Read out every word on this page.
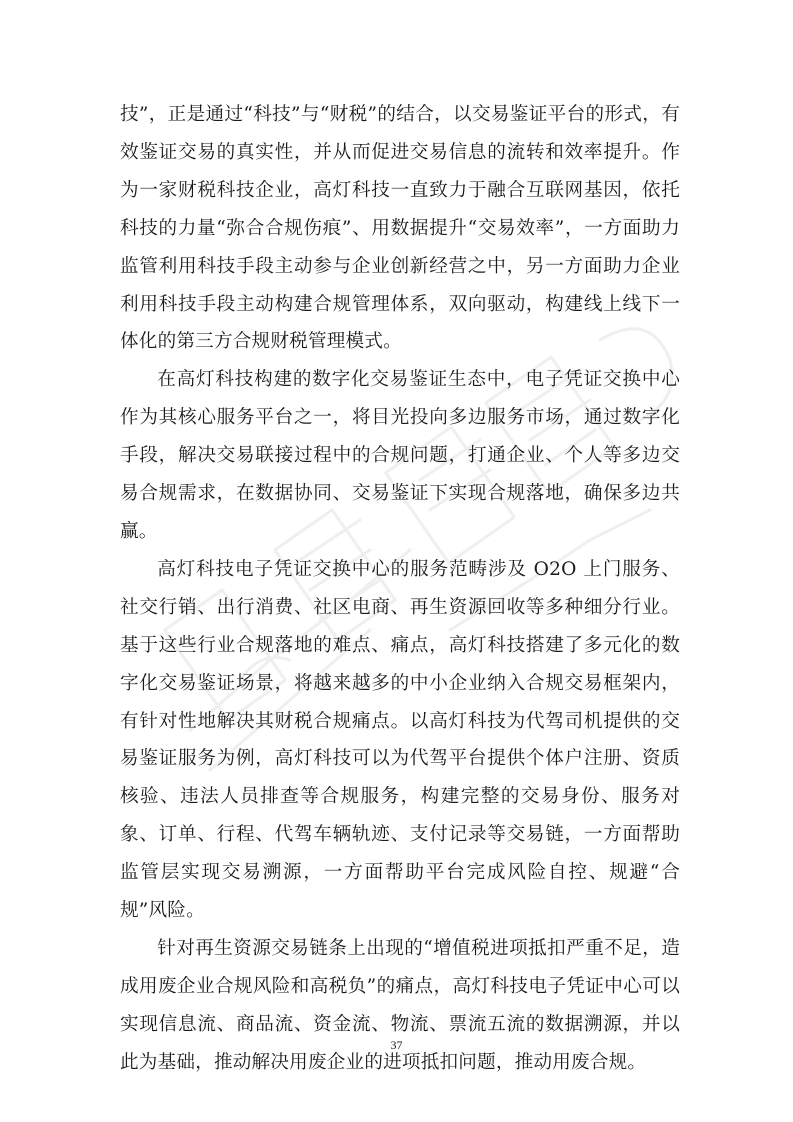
技”，正是通过“科技”与“财税”的结合，以交易鉴证平台的形式，有效鉴证交易的真实性，并从而促进交易信息的流转和效率提升。作为一家财税科技企业，高灯科技一直致力于融合互联网基因，依托科技的力量“弥合合规伤痕”、用数据提升“交易效率”，一方面助力监管利用科技手段主动参与企业创新经营之中，另一方面助力企业利用科技手段主动构建合规管理体系，双向驱动，构建线上线下一体化的第三方合规财税管理模式。

在高灯科技构建的数字化交易鉴证生态中，电子凭证交换中心作为其核心服务平台之一，将目光投向多边服务市场，通过数字化手段，解决交易联接过程中的合规问题，打通企业、个人等多边交易合规需求，在数据协同、交易鉴证下实现合规落地，确保多边共赢。

高灯科技电子凭证交换中心的服务范畴涉及 O2O 上门服务、社交行销、出行消费、社区电商、再生资源回收等多种细分行业。基于这些行业合规落地的难点、痛点，高灯科技搭建了多元化的数字化交易鉴证场景，将越来越多的中小企业纳入合规交易框架内，有针对性地解决其财税合规痛点。以高灯科技为代驾司机提供的交易鉴证服务为例，高灯科技可以为代驾平台提供个体户注册、资质核验、违法人员排查等合规服务，构建完整的交易身份、服务对象、订单、行程、代驾车辆轨迹、支付记录等交易链，一方面帮助监管层实现交易溯源，一方面帮助平台完成风险自控、规避“合规”风险。

针对再生资源交易链条上出现的“增值税进项抵扣严重不足，造成用废企业合规风险和高税负”的痛点，高灯科技电子凭证中心可以实现信息流、商品流、资金流、物流、票流五流的数据溯源，并以此为基础，推动解决用废企业的进项抵扣问题，推动用废合规。

37
